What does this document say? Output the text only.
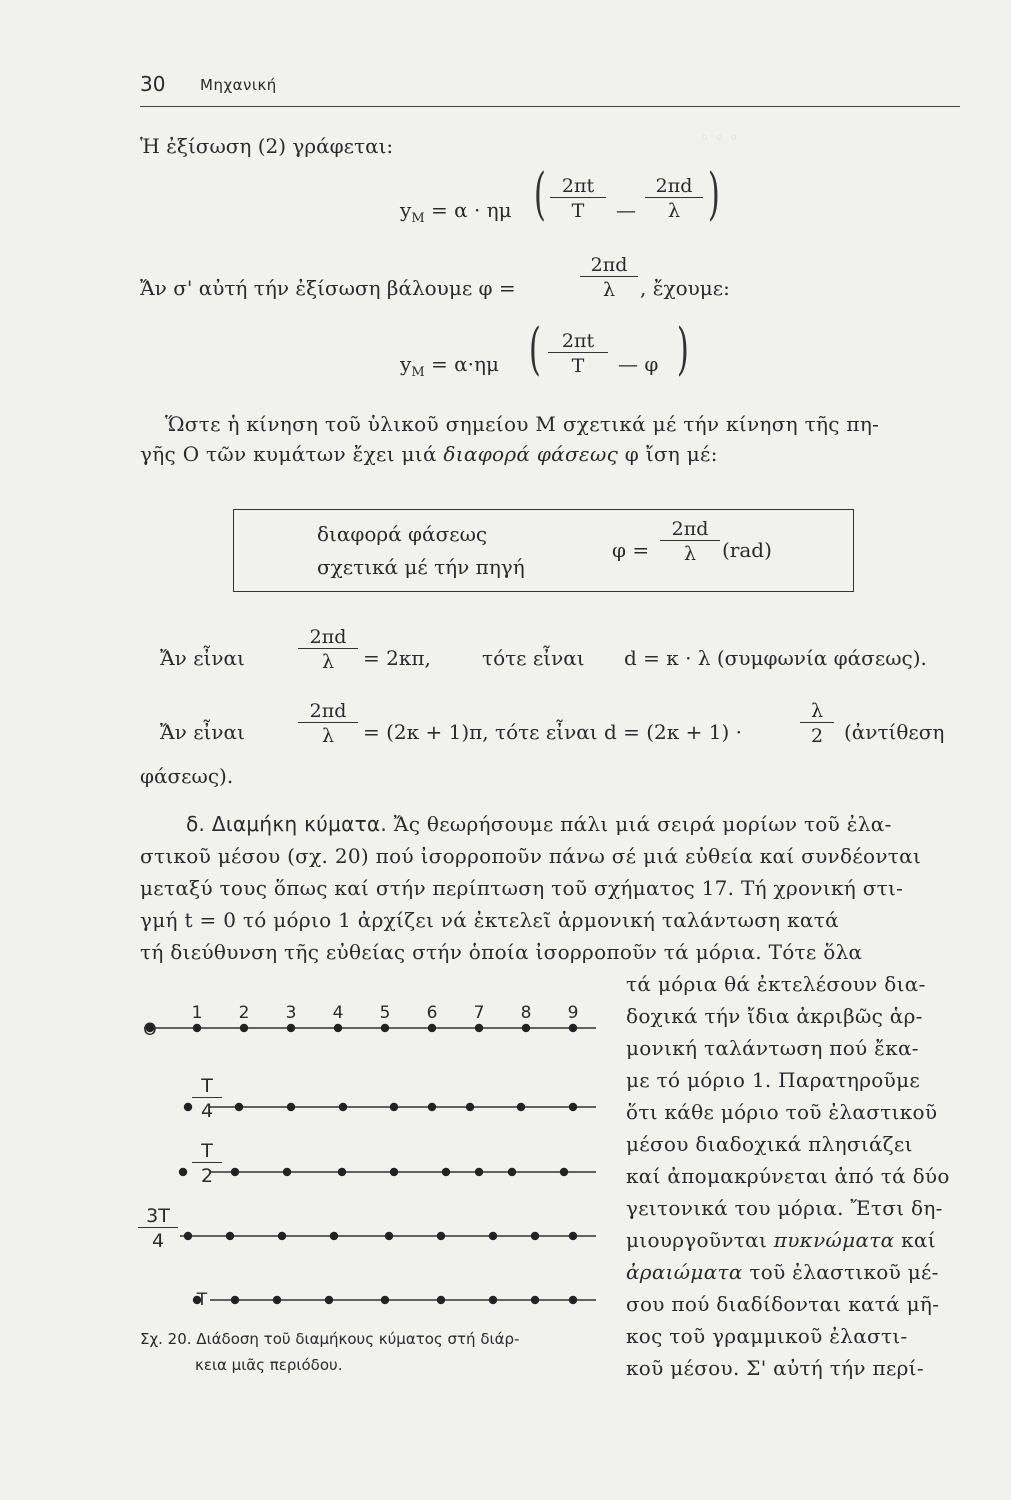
30 Μηχανική
◦ ◦ ◦
Ἡ ἐξίσωση (2) γράφεται:
$y_M = \alpha \cdot \eta\mu$ ( $\frac{2\pi t}{T}$ — $\frac{2\pi d}{\lambda}$ )
Ἄν σ' αὐτή τήν ἐξίσωση βάλουμε φ =	$\frac{2\pi d}{\lambda}$ , ἔχουμε:
$y_M = \alpha\cdot\eta\mu$ ( $\frac{2\pi t}{T}$ — φ )
Ὥστε ἡ κίνηση τοῦ ὑλικοῦ σημείου Μ σχετικά μέ τήν κίνηση τῆς πη-
γῆς Ο τῶν κυμάτων ἔχει μιά διαφορά φάσεως φ ἴση μέ:
διαφορά φάσεως
σχετικά μέ τήν πηγή
$\varphi = \frac{2\pi d}{\lambda} (rad)$
Ἄν εἶναι	$\frac{2\pi d}{\lambda} = 2\kappa\pi$,	τότε εἶναι d = κ · λ (συμφωνία φάσεως).
Ἄν εἶναι	$\frac{2\pi d}{\lambda} = (2\kappa + 1)\pi$, τότε εἶναι d = (2κ + 1) ·	$\frac{\lambda}{2}$ (ἀντίθεση
φάσεως).
δ. Διαμήκη κύματα. Ἄς θεωρήσουμε πάλι μιά σειρά μορίων τοῦ ἐλα-
στικοῦ μέσου (σχ. 20) πού ἰσορροποῦν πάνω σέ μιά εὐθεία καί συνδέονται
μεταξύ τους ὅπως καί στήν περίπτωση τοῦ σχήματος 17. Τή χρονική στι-
γμή t = 0 τό μόριο 1 ἀρχίζει νά ἐκτελεῖ ἁρμονική ταλάντωση κατά
τή διεύθυνση τῆς εὐθείας στήν ὁποία ἰσορροποῦν τά μόρια. Τότε ὅλα
τά μόρια θά ἐκτελέσουν δια-
δοχικά τήν ἴδια ἀκριβῶς ἁρ-
μονική ταλάντωση πού ἔκα-
με τό μόριο 1. Παρατηροῦμε
ὅτι κάθε μόριο τοῦ ἐλαστικοῦ
μέσου διαδοχικά πλησιάζει
καί ἀπομακρύνεται ἀπό τά δύο
γειτονικά του μόρια. Ἔτσι δη-
μιουργοῦνται πυκνώματα καί
ἀραιώματα τοῦ ἐλαστικοῦ μέ-
σου πού διαδίδονται κατά μῆ-
κος τοῦ γραμμικοῦ ἐλαστι-
κοῦ μέσου. Σ' αὐτή τήν περί-
O
1 2 3 4 5 6 7 8 9
$\frac{T}{4}$
$\frac{T}{2}$
$\frac{3T}{4}$
T
Σχ. 20. Διάδοση τοῦ διαμήκους κύματος στή διάρ-
κεια μιᾶς περιόδου.
